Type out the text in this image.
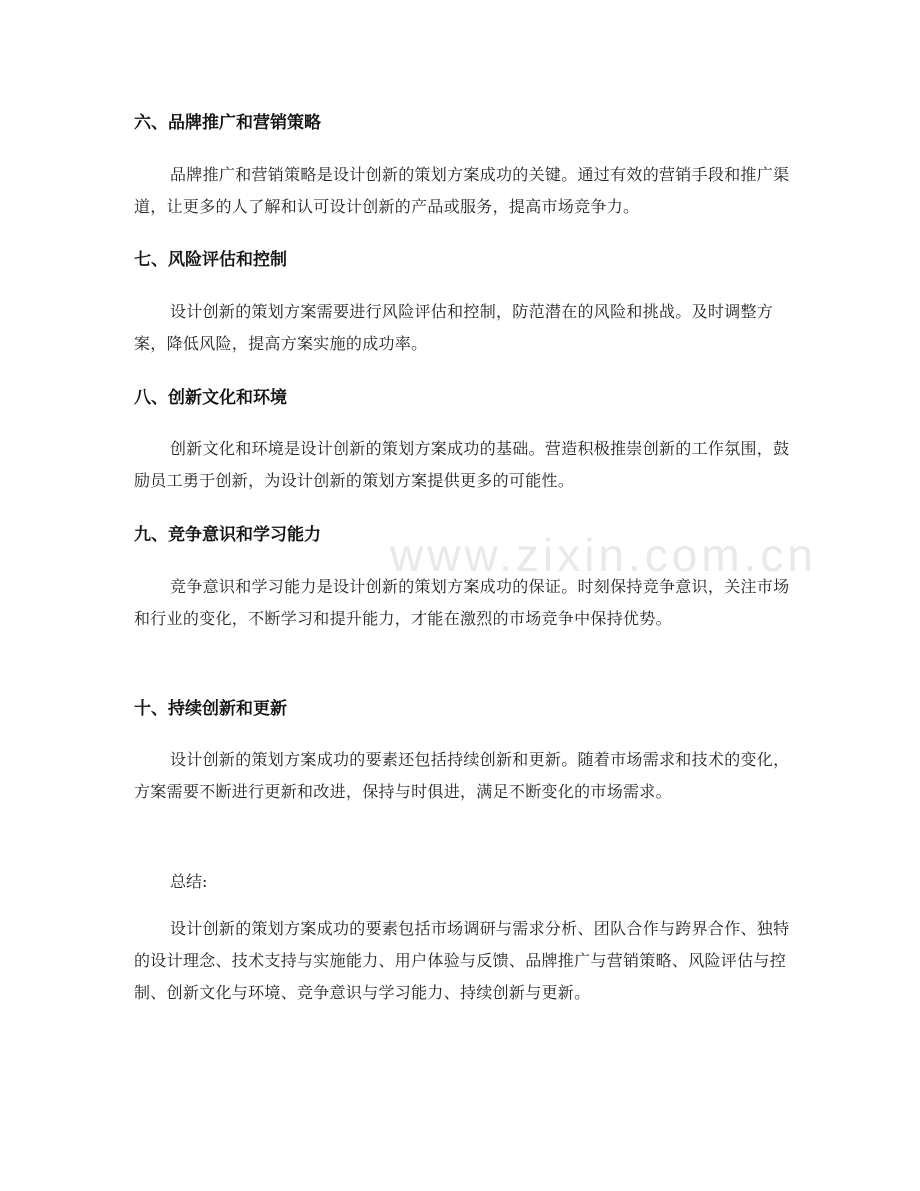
www.zixin.com.cn
六、品牌推广和营销策略

品牌推广和营销策略是设计创新的策划方案成功的关键。通过有效的营销手段和推广渠道，让更多的人了解和认可设计创新的产品或服务，提高市场竞争力。

七、风险评估和控制

设计创新的策划方案需要进行风险评估和控制，防范潜在的风险和挑战。及时调整方案，降低风险，提高方案实施的成功率。

八、创新文化和环境

创新文化和环境是设计创新的策划方案成功的基础。营造积极推崇创新的工作氛围，鼓励员工勇于创新，为设计创新的策划方案提供更多的可能性。

九、竞争意识和学习能力

竞争意识和学习能力是设计创新的策划方案成功的保证。时刻保持竞争意识，关注市场和行业的变化，不断学习和提升能力，才能在激烈的市场竞争中保持优势。

十、持续创新和更新

设计创新的策划方案成功的要素还包括持续创新和更新。随着市场需求和技术的变化，方案需要不断进行更新和改进，保持与时俱进，满足不断变化的市场需求。

总结:

设计创新的策划方案成功的要素包括市场调研与需求分析、团队合作与跨界合作、独特的设计理念、技术支持与实施能力、用户体验与反馈、品牌推广与营销策略、风险评估与控制、创新文化与环境、竞争意识与学习能力、持续创新与更新。
